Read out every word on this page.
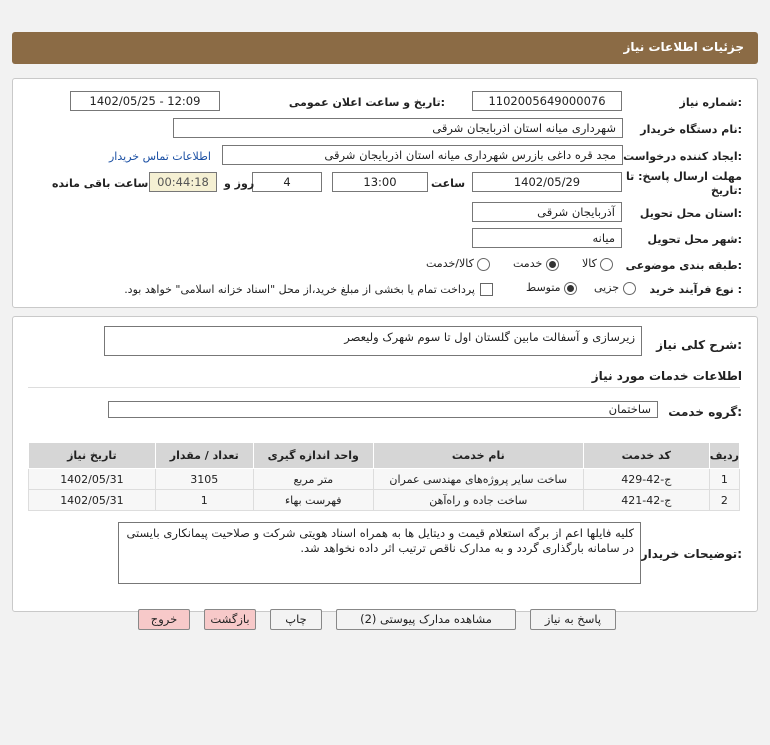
جزئیات اطلاعات نیاز

شماره نیاز:
1102005649000076
تاریخ و ساعت اعلان عمومی:
1402/05/25 - 12:09
نام دستگاه خریدار:
شهرداری میانه استان اذربایجان شرقی
ایجاد کننده درخواست:
مجد قره داغی بازرس شهرداری میانه استان اذربایجان شرقی
اطلاعات تماس خریدار
مهلت ارسال پاسخ: تا
تاریخ:
1402/05/29
ساعت
13:00
4
روز و
00:44:18
ساعت باقی مانده
استان محل تحویل:
آذربایجان شرقی
شهر محل تحویل:
میانه
طبقه بندی موضوعی:
کالا
خدمت
کالا/خدمت
نوع فرآیند خرید :
جزیی
متوسط
پرداخت تمام یا بخشی از مبلغ خرید،از محل "اسناد خزانه اسلامی" خواهد بود.
شرح کلی نیاز:
زیرسازی و آسفالت مابین گلستان اول تا سوم شهرک ولیعصر
اطلاعات خدمات مورد نیاز
گروه خدمت:
ساختمان
ردیف	کد خدمت	نام خدمت	واحد اندازه گیری	تعداد / مقدار	تاریخ نیاز
1	ج-42-429	ساخت سایر پروژه‌های مهندسی عمران	متر مربع	3105	1402/05/31
2	ج-42-421	ساخت جاده و راه‌آهن	فهرست بهاء	1	1402/05/31
توضیحات خریدار:
کلیه فایلها اعم از برگه استعلام قیمت و دیتایل ها به همراه اسناد هویتی شرکت و صلاحیت پیمانکاری بایستی در سامانه بارگذاری گردد و به مدارک ناقص ترتیب اثر داده نخواهد شد.
پاسخ به نیاز
مشاهده مدارک پیوستی (2)
چاپ
بازگشت
خروج
